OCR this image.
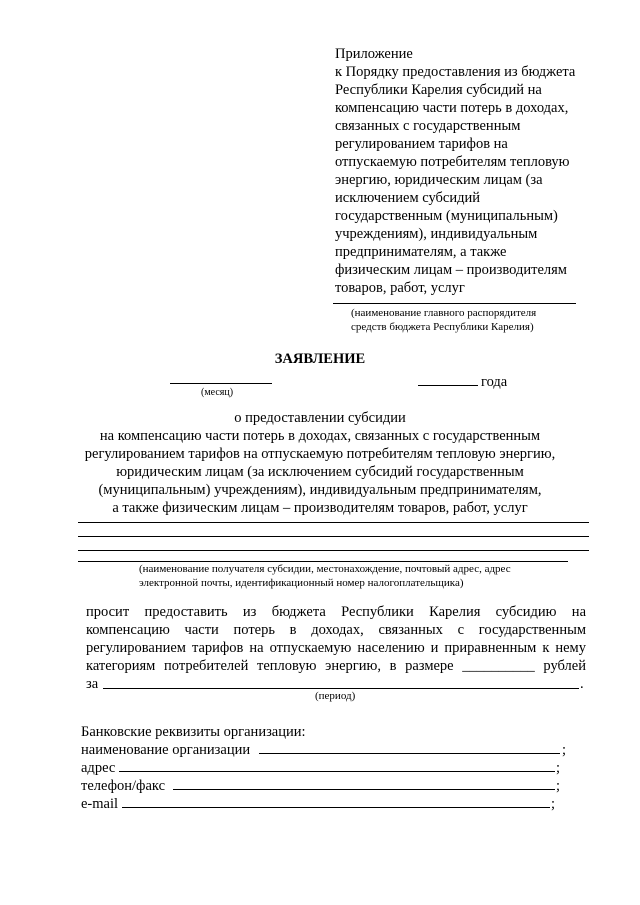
Приложение
к Порядку предоставления из бюджета
Республики Карелия субсидий на
компенсацию части потерь в доходах,
связанных с государственным
регулированием тарифов на
отпускаемую потребителям тепловую
энергию, юридическим лицам (за
исключением субсидий
государственным (муниципальным)
учреждениям), индивидуальным
предпринимателям, а также
физическим лицам – производителям
товаров, работ, услуг
(наименование главного распорядителя
средств бюджета Республики Карелия)
ЗАЯВЛЕНИЕ
(месяц)
года
о предоставлении субсидии
на компенсацию части потерь в доходах, связанных с государственным
регулированием тарифов на отпускаемую потребителям тепловую энергию,
юридическим лицам (за исключением субсидий государственным
(муниципальным) учреждениям), индивидуальным предпринимателям,
а также физическим лицам – производителям товаров, работ, услуг
(наименование получателя субсидии, местонахождение, почтовый адрес, адрес
электронной почты, идентификационный номер налогоплательщика)
просит предоставить из бюджета Республики Карелия субсидию на
компенсацию части потерь в доходах, связанных с государственным
регулированием тарифов на отпускаемую населению и приравненным к нему
категориям потребителей тепловую энергию, в размере __________ рублей
за	.
(период)
Банковские реквизиты организации:
наименование организации	;
адрес	;
телефон/факс	;
e-mail	;
